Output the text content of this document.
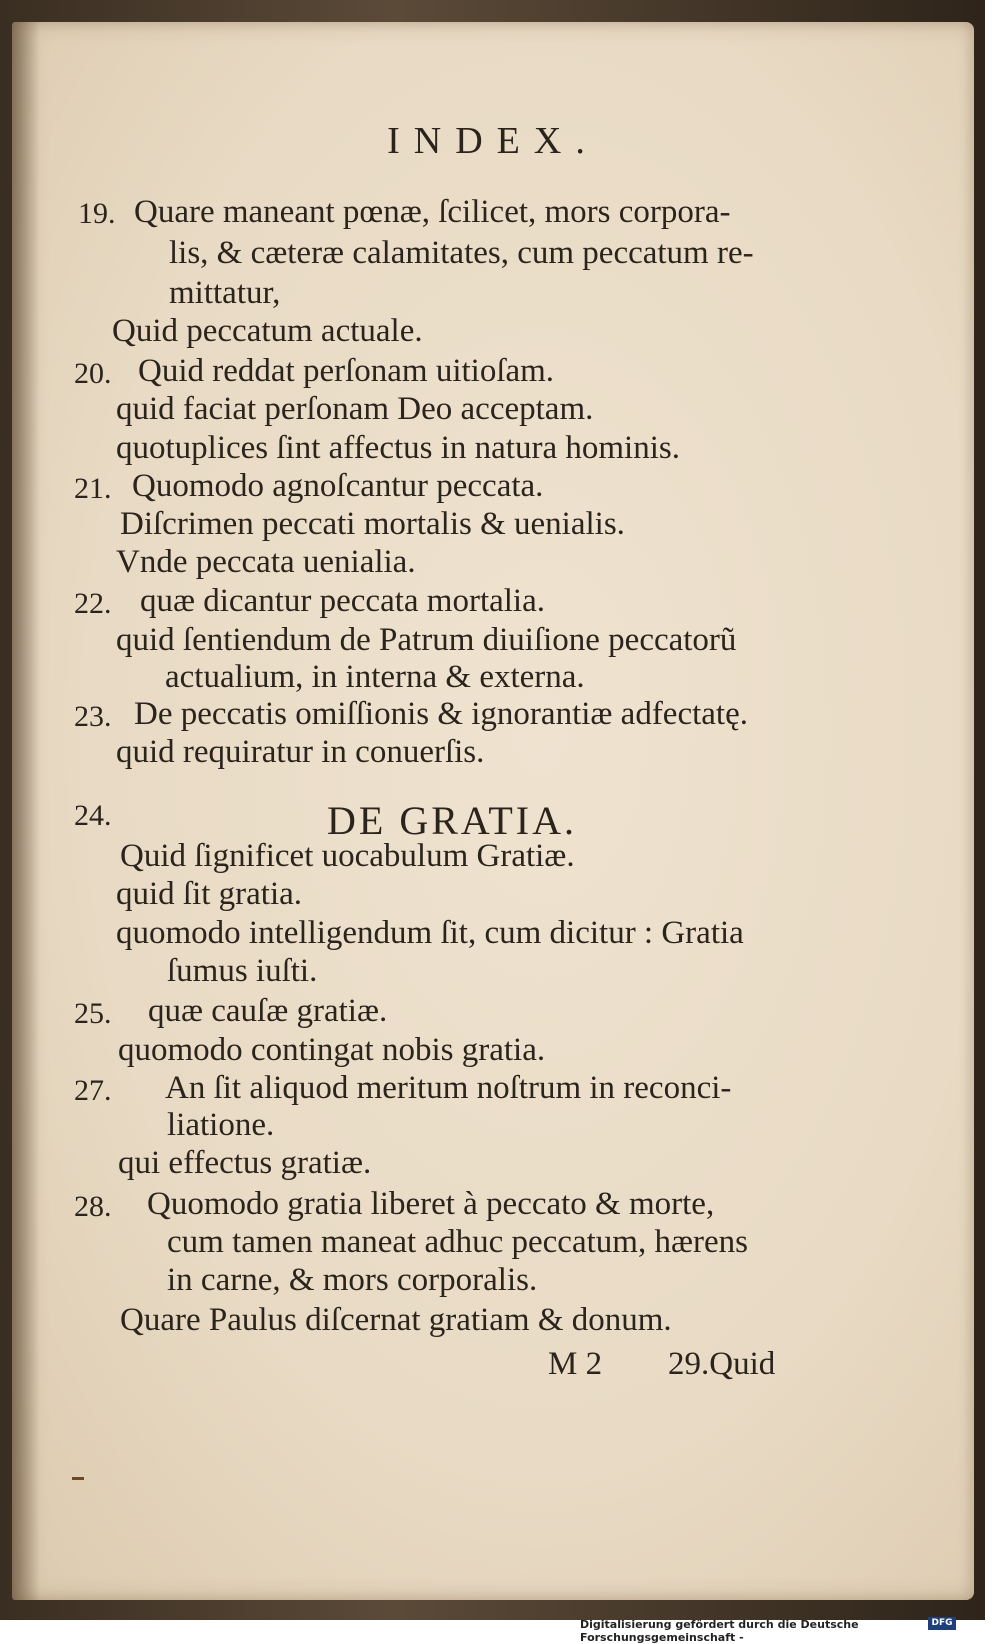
INDEX.
19. Quare maneant pœnæ, ſcilicet, mors corpora-
lis, & cæteræ calamitates, cum peccatum re-
mittatur,
Quid peccatum actuale.
20. Quid reddat perſonam uitioſam.
quid faciat perſonam Deo acceptam.
quotuplices ſint affectus in natura hominis.
21. Quomodo agnoſcantur peccata.
Diſcrimen peccati mortalis & uenialis.
Vnde peccata uenialia.
22. quæ dicantur peccata mortalia.
quid ſentiendum de Patrum diuiſione peccatorũ
actualium, in interna & externa.
23. De peccatis omiſſionis & ignorantiæ adfectatę.
quid requiratur in conuerſis.
24.	DE GRATIA.
Quid ſignificet uocabulum Gratiæ.
quid ſit gratia.
quomodo intelligendum ſit, cum dicitur : Gratia
ſumus iuſti.
25. quæ cauſæ gratiæ.
quomodo contingat nobis gratia.
27. An ſit aliquod meritum noſtrum in reconci-
liatione.
qui effectus gratiæ.
28. Quomodo gratia liberet à peccato & morte,
cum tamen maneat adhuc peccatum, hærens
in carne, & mors corporalis.
Quare Paulus diſcernat gratiam & donum.
M 2 29.Quid
Digitalisierung gefördert durch die Deutsche Forschungsgemeinschaft -
DFG
